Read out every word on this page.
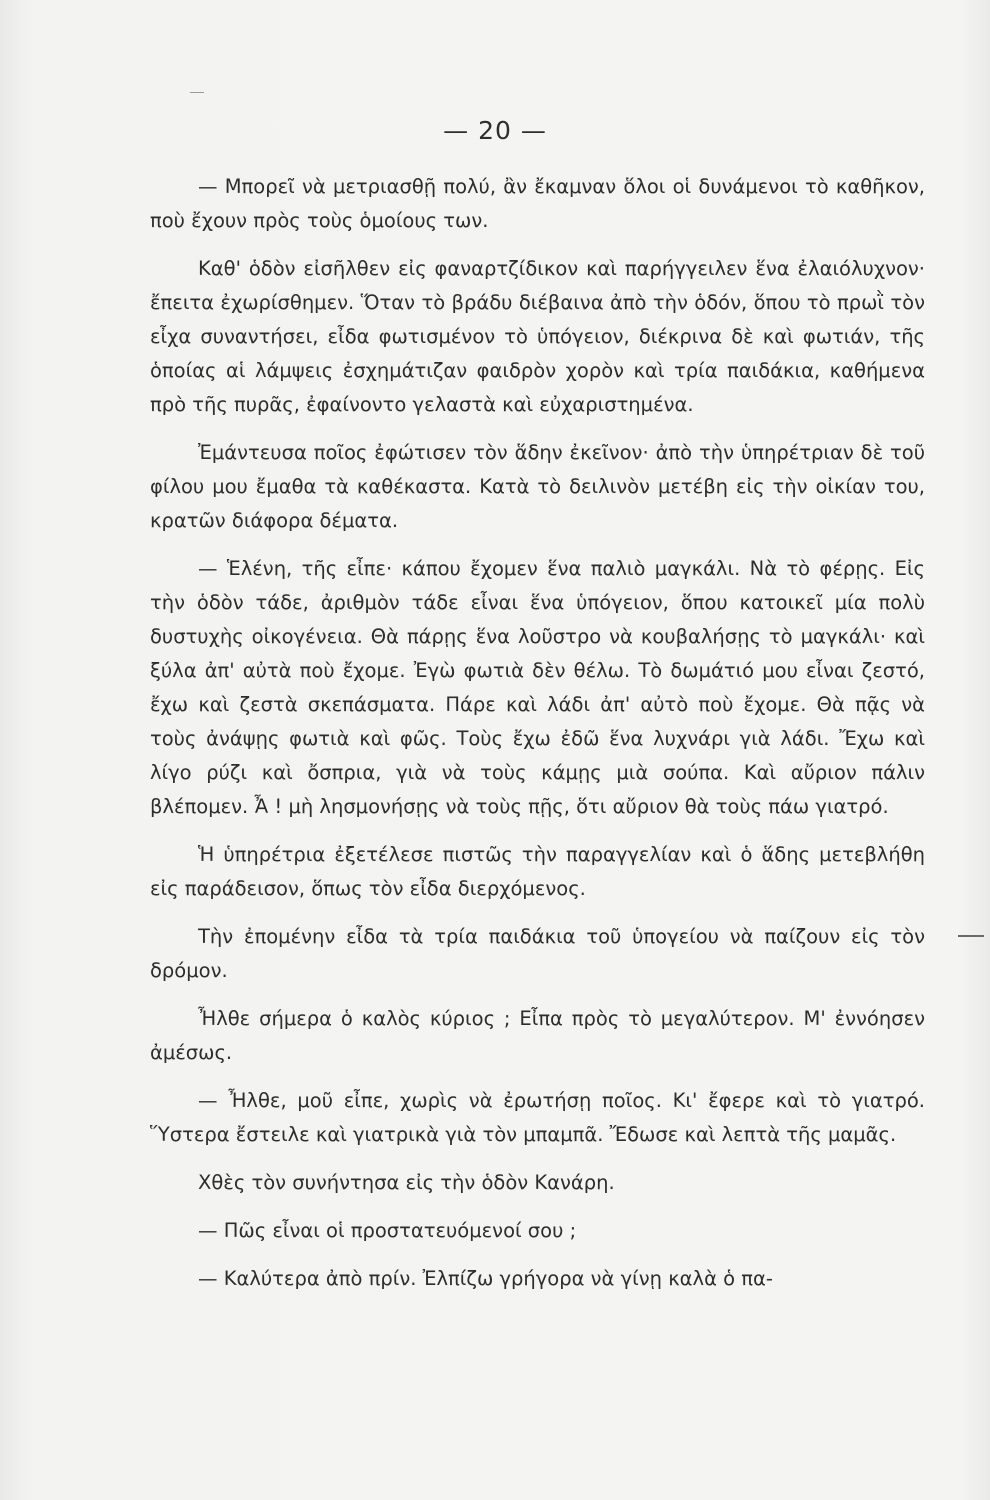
— 20 —

— Μπορεῖ νὰ μετριασθῇ πολύ, ἂν ἔκαμναν ὅλοι οἱ δυνάμενοι τὸ καθῆκον, ποὺ ἔχουν πρὸς τοὺς ὁμοίους των.

Καθ' ὁδὸν εἰσῆλθεν εἰς φαναρτζίδικον καὶ παρήγγειλεν ἕνα ἐλαιόλυχνον· ἔπειτα ἐχωρίσθημεν. Ὅταν τὸ βράδυ διέβαινα ἀπὸ τὴν ὁδόν, ὅπου τὸ πρωῒ τὸν εἶχα συναντήσει, εἶδα φωτισμένον τὸ ὑπόγειον, διέκρινα δὲ καὶ φωτιάν, τῆς ὁποίας αἱ λάμψεις ἐσχημάτιζαν φαιδρὸν χορὸν καὶ τρία παιδάκια, καθήμενα πρὸ τῆς πυρᾶς, ἐφαίνοντο γελαστὰ καὶ εὐχαριστημένα.

Ἐμάντευσα ποῖος ἐφώτισεν τὸν ἅδην ἐκεῖνον· ἀπὸ τὴν ὑπηρέτριαν δὲ τοῦ φίλου μου ἔμαθα τὰ καθέκαστα. Κατὰ τὸ δειλινὸν μετέβη εἰς τὴν οἰκίαν του, κρατῶν διάφορα δέματα.

— Ἑλένη, τῆς εἶπε· κάπου ἔχομεν ἕνα παλιὸ μαγκάλι. Νὰ τὸ φέρῃς. Εἰς τὴν ὁδὸν τάδε, ἀριθμὸν τάδε εἶναι ἕνα ὑπόγειον, ὅπου κατοικεῖ μία πολὺ δυστυχὴς οἰκογένεια. Θὰ πάρῃς ἕνα λοῦστρο νὰ κουβαλήσῃς τὸ μαγκάλι· καὶ ξύλα ἀπ' αὐτὰ ποὺ ἔχομε. Ἐγὼ φωτιὰ δὲν θέλω. Τὸ δωμάτιό μου εἶναι ζεστό, ἔχω καὶ ζεστὰ σκεπάσματα. Πάρε καὶ λάδι ἀπ' αὐτὸ ποὺ ἔχομε. Θὰ πᾷς νὰ τοὺς ἀνάψῃς φωτιὰ καὶ φῶς. Τοὺς ἔχω ἐδῶ ἕνα λυχνάρι γιὰ λάδι. Ἔχω καὶ λίγο ρύζι καὶ ὄσπρια, γιὰ νὰ τοὺς κάμῃς μιὰ σούπα. Καὶ αὔριον πάλιν βλέπομεν. Ἆ ! μὴ λησμονήσῃς νὰ τοὺς πῇς, ὅτι αὔριον θὰ τοὺς πάω γιατρό.

Ἡ ὑπηρέτρια ἐξετέλεσε πιστῶς τὴν παραγγελίαν καὶ ὁ ἅδης μετεβλήθη εἰς παράδεισον, ὅπως τὸν εἶδα διερχόμενος.

Τὴν ἐπομένην εἶδα τὰ τρία παιδάκια τοῦ ὑπογείου νὰ παίζουν εἰς τὸν δρόμον.

Ἦλθε σήμερα ὁ καλὸς κύριος ; Εἶπα πρὸς τὸ μεγαλύτερον. Μ' ἐννόησεν ἀμέσως.

— Ἦλθε, μοῦ εἶπε, χωρὶς νὰ ἐρωτήσῃ ποῖος. Κι' ἔφερε καὶ τὸ γιατρό. Ὕστερα ἔστειλε καὶ γιατρικὰ γιὰ τὸν μπαμπᾶ. Ἔδωσε καὶ λεπτὰ τῆς μαμᾶς.

Χθὲς τὸν συνήντησα εἰς τὴν ὁδὸν Κανάρη.

— Πῶς εἶναι οἱ προστατευόμενοί σου ;

— Καλύτερα ἀπὸ πρίν. Ἐλπίζω γρήγορα νὰ γίνῃ καλὰ ὁ πα-
